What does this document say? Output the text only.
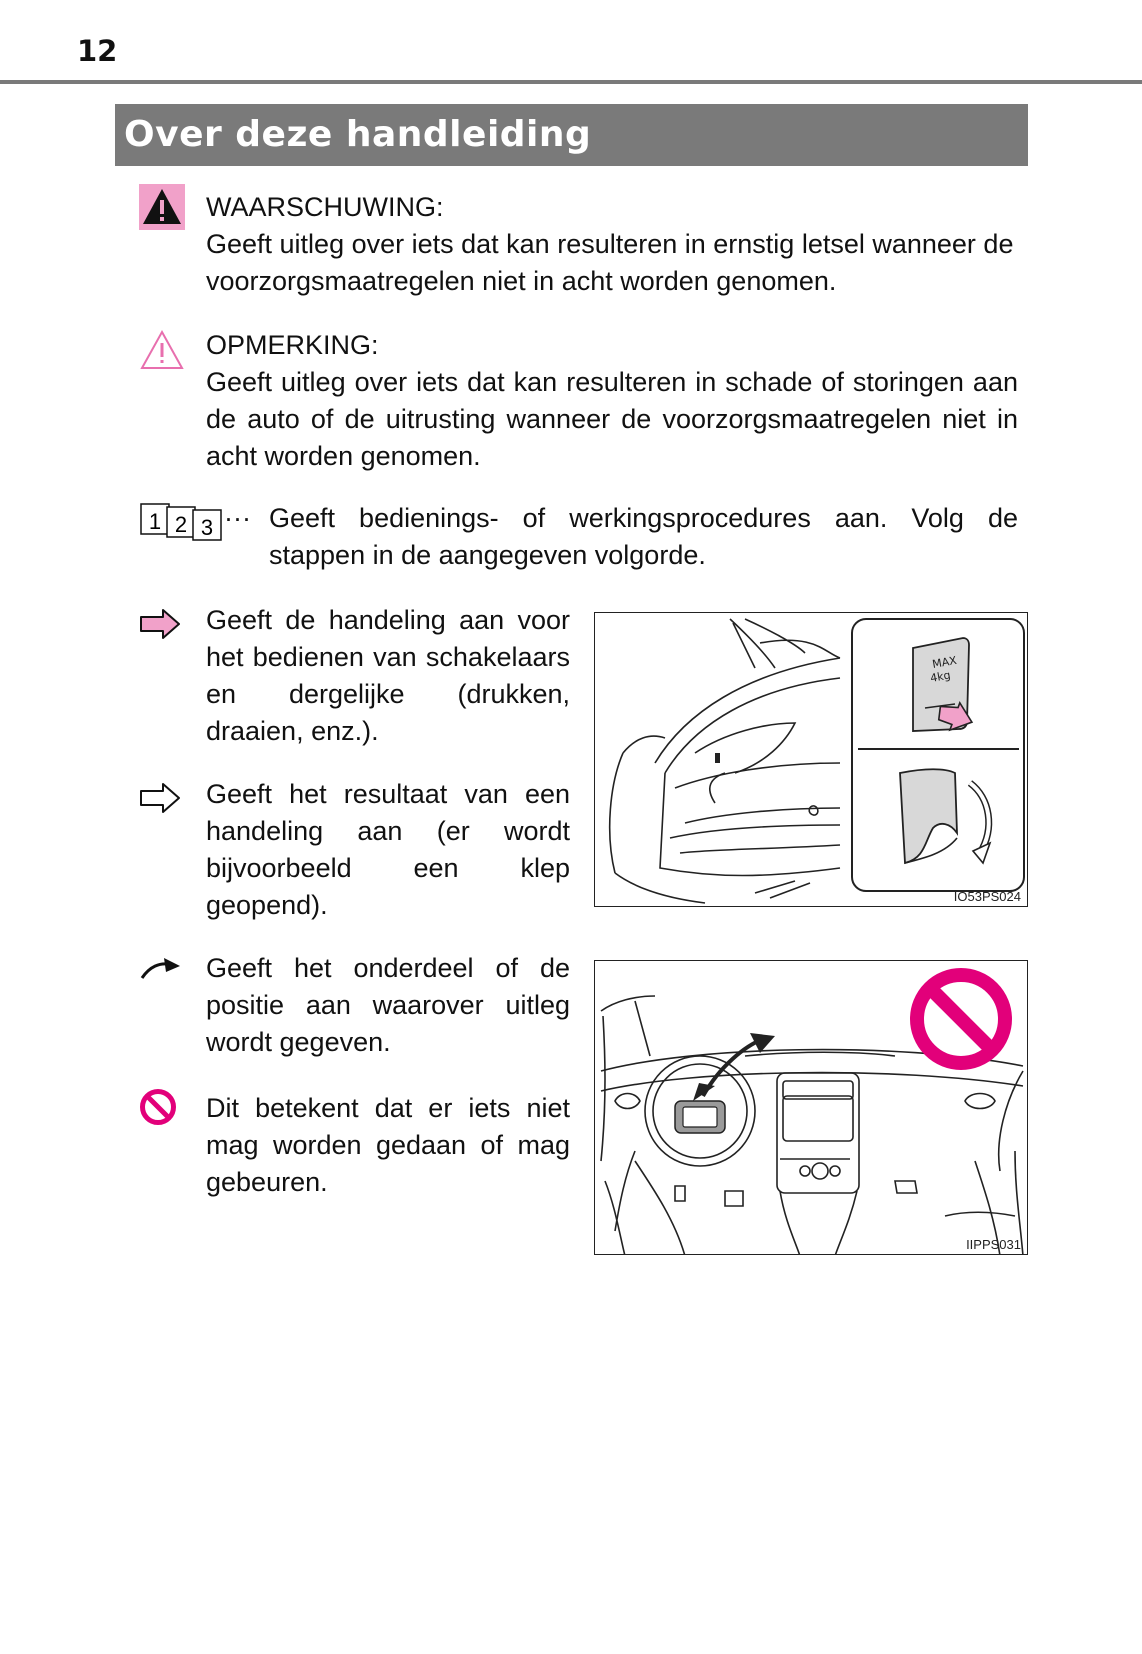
12
Over deze handleiding

WAARSCHUWING:

Geeft uitleg over iets dat kan resulteren in ernstig letsel wanneer de voorzorgsmaatregelen niet in acht worden genomen.

OPMERKING:

Geeft uitleg over iets dat kan resulteren in schade of storingen aan de auto of de uitrusting wanneer de voorzorgsmaatregelen niet in acht worden genomen.

1 2 3 ··· Geeft bedienings- of werkingsprocedures aan. Volg de stappen in de aangegeven volgorde.
Geeft de handeling aan voor het bedienen van schakelaars en dergelijke (drukken, draaien, enz.).
Geeft het resultaat van een handeling aan (er wordt bijvoorbeeld een klep geopend).
Geeft het onderdeel of de positie aan waarover uitleg wordt gegeven.
Dit betekent dat er iets niet mag worden gedaan of mag gebeuren.
MAX
4kg
IO53PS024
IIPPS031
